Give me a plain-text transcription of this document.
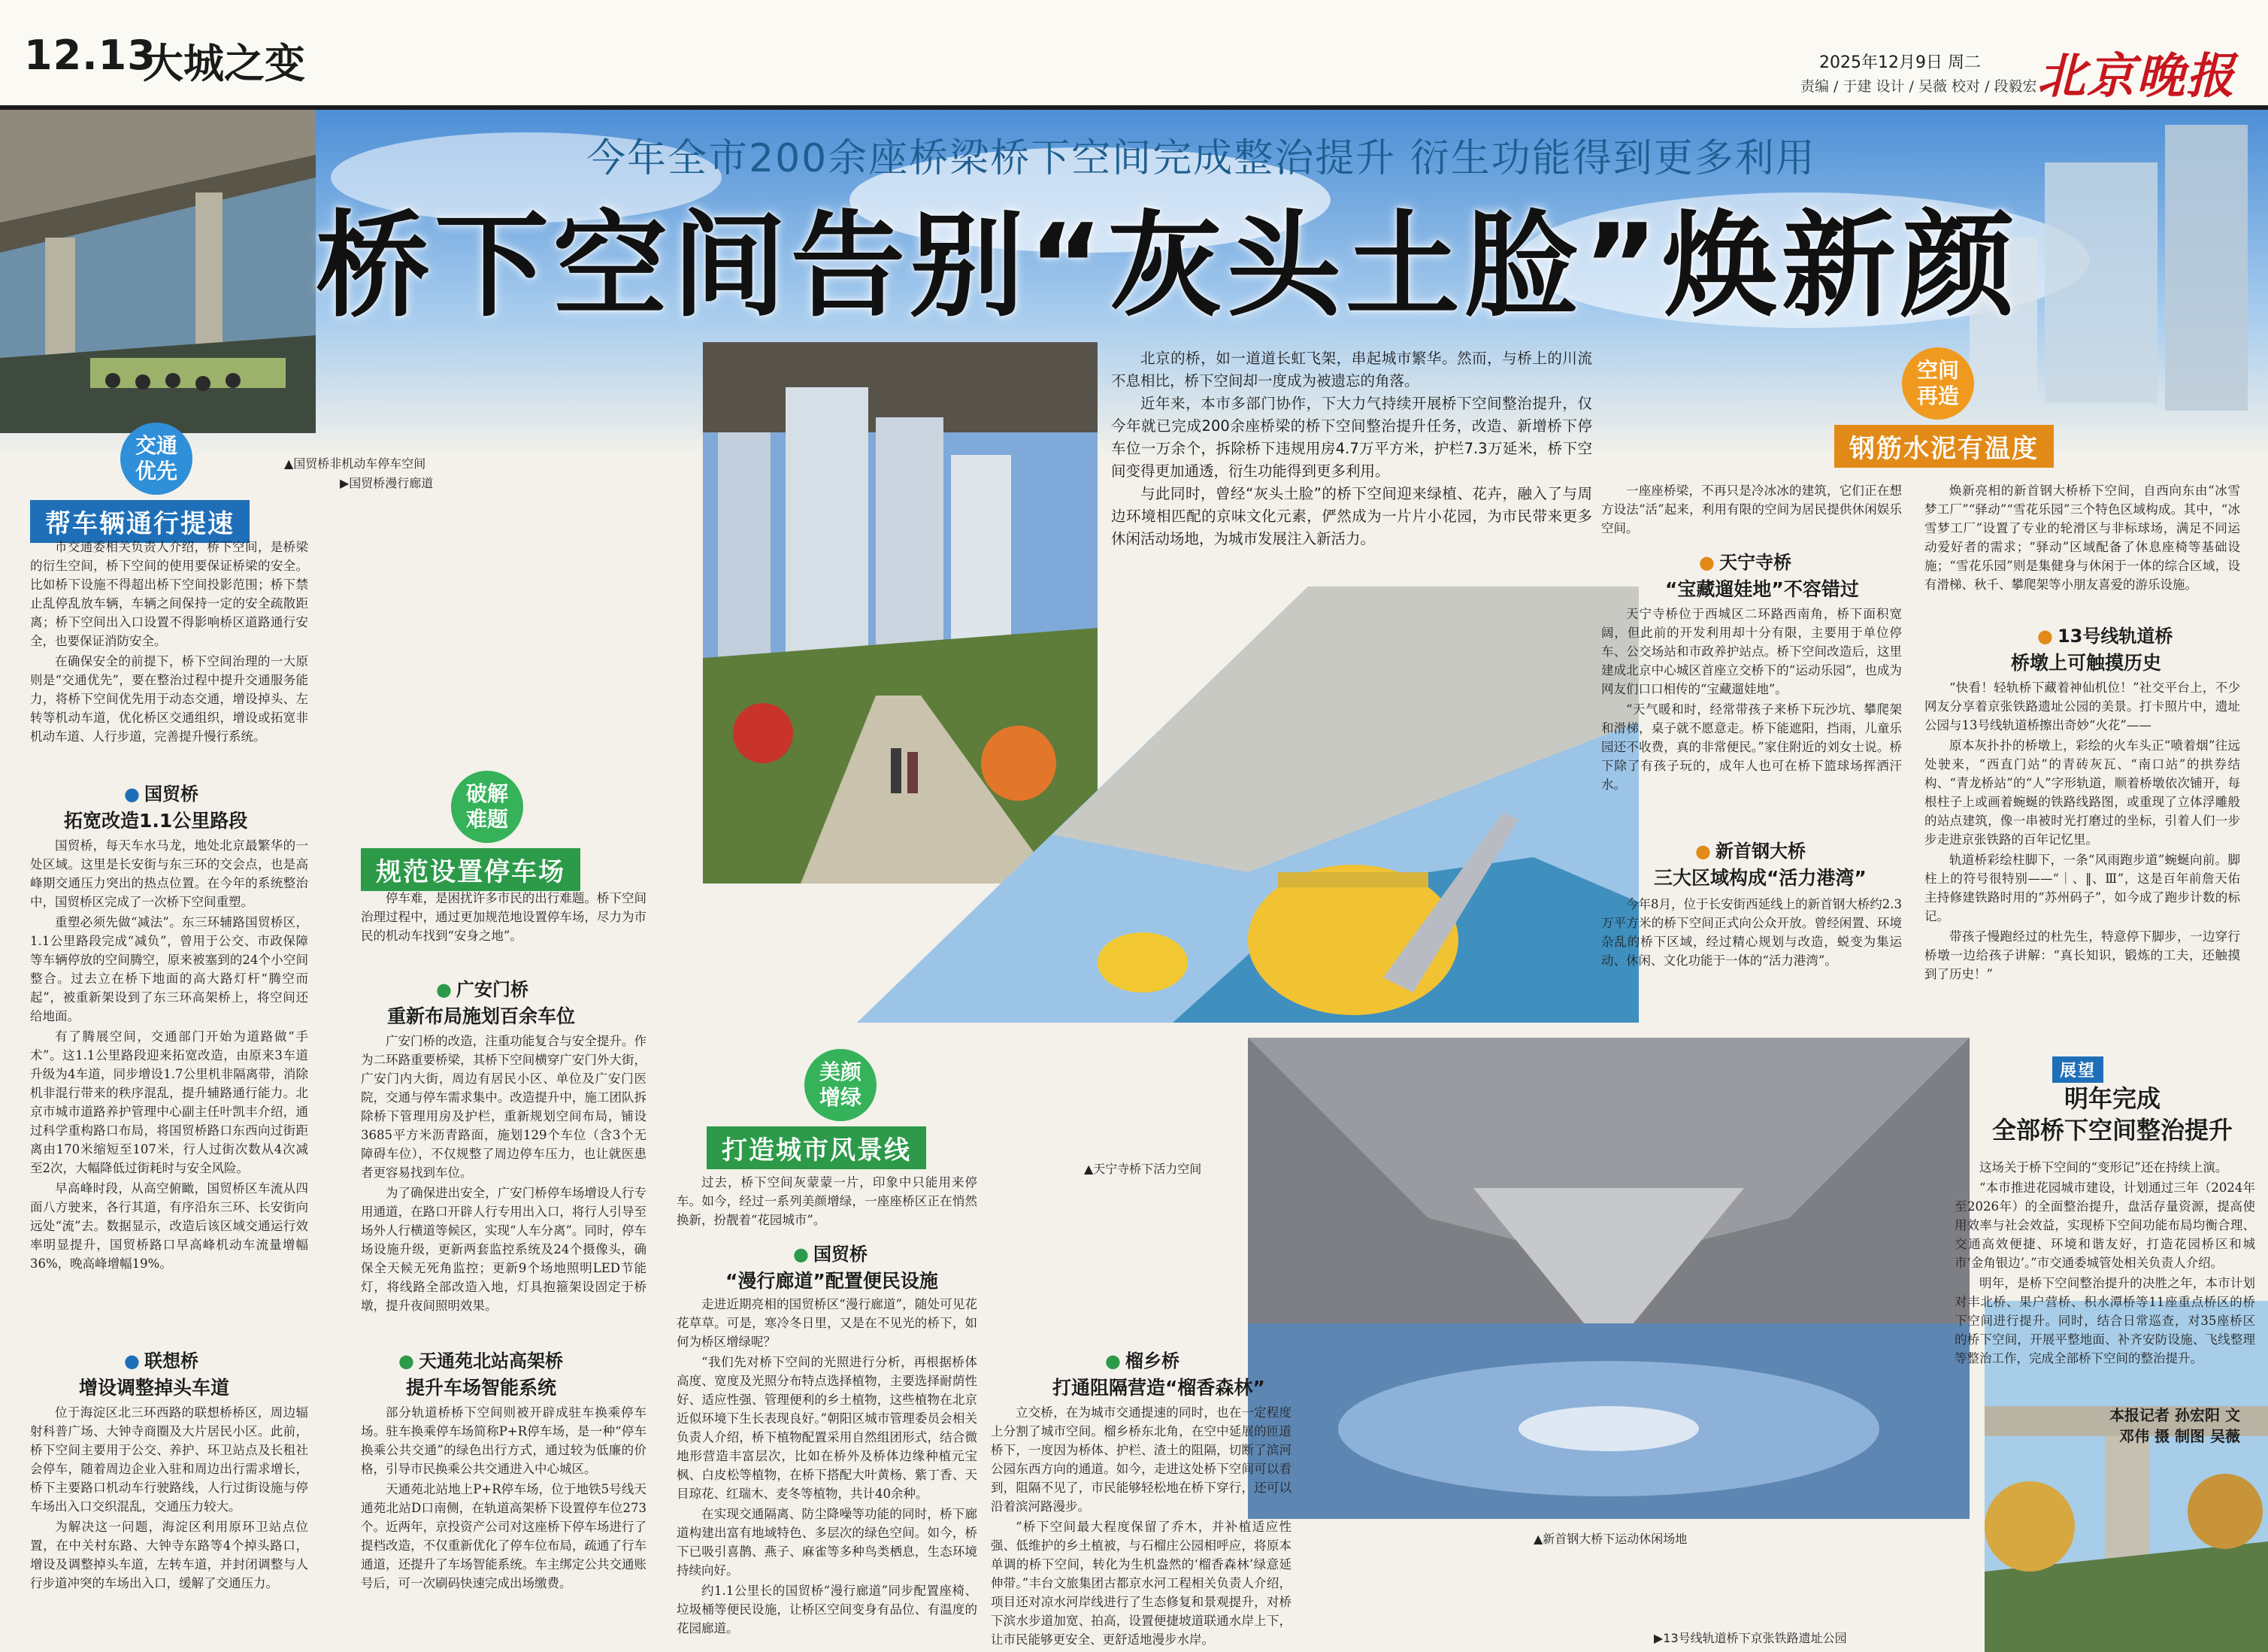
12.13
大城之变	2025年12月9日 周二
责编 / 于建 设计 / 吴薇 校对 / 段毅宏 北京晚报
今年全市200余座桥梁桥下空间完成整治提升 衍生功能得到更多利用
桥下空间告别“灰头土脸”焕新颜
▲国贸桥非机动车停车空间
▶国贸桥漫行廊道
▲天宁寺桥下活力空间
▲新首钢大桥下运动休闲场地
▶13号线轨道桥下京张铁路遗址公园

北京的桥，如一道道长虹飞架，串起城市繁华。然而，与桥上的川流不息相比，桥下空间却一度成为被遗忘的角落。

近年来，本市多部门协作，下大力气持续开展桥下空间整治提升，仅今年就已完成200余座桥梁的桥下空间整治提升任务，改造、新增桥下停车位一万余个，拆除桥下违规用房4.7万平方米，护栏7.3万延米，桥下空间变得更加通透，衍生功能得到更多利用。

与此同时，曾经“灰头土脸”的桥下空间迎来绿植、花卉，融入了与周边环境相匹配的京味文化元素，俨然成为一片片小花园，为市民带来更多休闲活动场地，为城市发展注入新活力。

交通
优先
帮车辆通行提速

市交通委相关负责人介绍，桥下空间，是桥梁的衍生空间，桥下空间的使用要保证桥梁的安全。比如桥下设施不得超出桥下空间投影范围；桥下禁止乱停乱放车辆，车辆之间保持一定的安全疏散距离；桥下空间出入口设置不得影响桥区道路通行安全，也要保证消防安全。

在确保安全的前提下，桥下空间治理的一大原则是“交通优先”，要在整治过程中提升交通服务能力，将桥下空间优先用于动态交通，增设掉头、左转等机动车道，优化桥区交通组织，增设或拓宽非机动车道、人行步道，完善提升慢行系统。

● 国贸桥
拓宽改造1.1公里路段

国贸桥，每天车水马龙，地处北京最繁华的一处区域。这里是长安街与东三环的交会点，也是高峰期交通压力突出的热点位置。在今年的系统整治中，国贸桥区完成了一次桥下空间重塑。

重塑必须先做“减法”。东三环辅路国贸桥区，1.1公里路段完成“减负”，曾用于公交、市政保障等车辆停放的空间腾空，原来被塞到的24个小空间整合。过去立在桥下地面的高大路灯杆“腾空而起”，被重新架设到了东三环高架桥上，将空间还给地面。

有了腾展空间，交通部门开始为道路做“手术”。这1.1公里路段迎来拓宽改造，由原来3车道升级为4车道，同步增设1.7公里机非隔离带，消除机非混行带来的秩序混乱，提升辅路通行能力。北京市城市道路养护管理中心副主任叶凯丰介绍，通过科学重构路口布局，将国贸桥路口东西向过街距离由170米缩短至107米，行人过街次数从4次减至2次，大幅降低过街耗时与安全风险。

早高峰时段，从高空俯瞰，国贸桥区车流从四面八方驶来，各行其道，有序沿东三环、长安街向远处“流”去。数据显示，改造后该区域交通运行效率明显提升，国贸桥路口早高峰机动车流量增幅36%，晚高峰增幅19%。

● 联想桥
增设调整掉头车道

位于海淀区北三环西路的联想桥桥区，周边辐射科普广场、大钟寺商圈及大片居民小区。此前，桥下空间主要用于公交、养护、环卫站点及长租社会停车，随着周边企业入驻和周边出行需求增长，桥下主要路口机动车行驶路线，人行过街设施与停车场出入口交织混乱，交通压力较大。

为解决这一问题，海淀区利用原环卫站点位置，在中关村东路、大钟寺东路等4个掉头路口，增设及调整掉头车道，左转车道，并封闭调整与人行步道冲突的车场出入口，缓解了交通压力。

破解
难题
规范设置停车场

停车难，是困扰许多市民的出行难题。桥下空间治理过程中，通过更加规范地设置停车场，尽力为市民的机动车找到“安身之地”。

● 广安门桥
重新布局施划百余车位

广安门桥的改造，注重功能复合与安全提升。作为二环路重要桥梁，其桥下空间横穿广安门外大街，广安门内大街，周边有居民小区、单位及广安门医院，交通与停车需求集中。改造提升中，施工团队拆除桥下管理用房及护栏，重新规划空间布局，铺设3685平方米沥青路面，施划129个车位（含3个无障碍车位），不仅规整了周边停车压力，也让就医患者更容易找到车位。

为了确保进出安全，广安门桥停车场增设人行专用通道，在路口开辟人行专用出入口，将行人引导至场外人行横道等候区，实现“人车分离”。同时，停车场设施升级，更新两套监控系统及24个摄像头，确保全天候无死角监控；更新9个场地照明LED节能灯，将线路全部改造入地，灯具抱箍架设固定于桥墩，提升夜间照明效果。

● 天通苑北站高架桥
提升车场智能系统

部分轨道桥桥下空间则被开辟成驻车换乘停车场。驻车换乘停车场简称P+R停车场，是一种“停车换乘公共交通”的绿色出行方式，通过较为低廉的价格，引导市民换乘公共交通进入中心城区。

天通苑北站地上P+R停车场，位于地铁5号线天通苑北站D口南侧，在轨道高架桥下设置停车位273个。近两年，京投资产公司对这座桥下停车场进行了提档改造，不仅重新优化了停车位布局，疏通了行车通道，还提升了车场智能系统。车主绑定公共交通账号后，可一次刷码快速完成出场缴费。

美颜
增绿
打造城市风景线

过去，桥下空间灰蒙蒙一片，印象中只能用来停车。如今，经过一系列美颜增绿，一座座桥区正在悄然换新，扮靓着“花园城市”。

● 国贸桥
“漫行廊道”配置便民设施

走进近期亮相的国贸桥区“漫行廊道”，随处可见花花草草。可是，寒冷冬日里，又是在不见光的桥下，如何为桥区增绿呢？

“我们先对桥下空间的光照进行分析，再根据桥体高度、宽度及光照分布特点选择植物，主要选择耐荫性好、适应性强、管理便利的乡土植物，这些植物在北京近似环境下生长表现良好。”朝阳区城市管理委员会相关负责人介绍，桥下植物配置采用自然组团形式，结合微地形营造丰富层次，比如在桥外及桥体边缘种植元宝枫、白皮松等植物，在桥下搭配大叶黄杨、紫丁香、天目琼花、红瑞木、麦冬等植物，共计40余种。

在实现交通隔离、防尘降噪等功能的同时，桥下廊道构建出富有地域特色、多层次的绿色空间。如今，桥下已吸引喜鹊、燕子、麻雀等多种鸟类栖息，生态环境持续向好。

约1.1公里长的国贸桥“漫行廊道”同步配置座椅、垃圾桶等便民设施，让桥区空间变身有品位、有温度的花园廊道。

● 榴乡桥
打通阻隔营造“榴香森林”

立交桥，在为城市交通提速的同时，也在一定程度上分割了城市空间。榴乡桥东北角，在空中延展的匝道桥下，一度因为桥体、护栏、渣土的阻隔，切断了滨河公园东西方向的通道。如今，走进这处桥下空间可以看到，阻隔不见了，市民能够轻松地在桥下穿行，还可以沿着滨河路漫步。

“桥下空间最大程度保留了乔木，并补植适应性强、低维护的乡土植被，与石榴庄公园相呼应，将原本单调的桥下空间，转化为生机盎然的‘榴香森林’绿意延伸带。”丰台文旅集团古都京水河工程相关负责人介绍，项目还对凉水河岸线进行了生态修复和景观提升，对桥下滨水步道加宽、拍高，设置便捷坡道联通水岸上下，让市民能够更安全、更舒适地漫步水岸。

空间
再造
钢筋水泥有温度

一座座桥梁，不再只是冷冰冰的建筑，它们正在想方设法“活”起来，利用有限的空间为居民提供休闲娱乐空间。

● 天宁寺桥
“宝藏遛娃地”不容错过

天宁寺桥位于西城区二环路西南角，桥下面积宽阔，但此前的开发利用却十分有限，主要用于单位停车、公交场站和市政养护站点。桥下空间改造后，这里建成北京中心城区首座立交桥下的“运动乐园”，也成为网友们口口相传的“宝藏遛娃地”。

“天气暖和时，经常带孩子来桥下玩沙坑、攀爬架和滑梯，桌子就不愿意走。桥下能遮阳，挡雨，儿童乐园还不收费，真的非常便民。”家住附近的刘女士说。桥下除了有孩子玩的，成年人也可在桥下篮球场挥洒汗水。

● 新首钢大桥
三大区域构成“活力港湾”

今年8月，位于长安街西延线上的新首钢大桥约2.3万平方米的桥下空间正式向公众开放。曾经闲置、环境杂乱的桥下区域，经过精心规划与改造，蜕变为集运动、休闲、文化功能于一体的“活力港湾”。

焕新亮相的新首钢大桥桥下空间，自西向东由“冰雪梦工厂”“驿动”“雪花乐园”三个特色区域构成。其中，“冰雪梦工厂”设置了专业的轮滑区与非标球场，满足不同运动爱好者的需求；“驿动”区域配备了休息座椅等基础设施；“雪花乐园”则是集健身与休闲于一体的综合区域，设有滑梯、秋千、攀爬架等小朋友喜爱的游乐设施。

● 13号线轨道桥
桥墩上可触摸历史

“快看！轻轨桥下藏着神仙机位！”社交平台上，不少网友分享着京张铁路遗址公园的美景。打卡照片中，遗址公园与13号线轨道桥擦出奇妙“火花”——

原本灰扑扑的桥墩上，彩绘的火车头正“喷着烟”往远处驶来，“西直门站”的青砖灰瓦、“南口站”的拱券结构、“青龙桥站”的“人”字形轨道，顺着桥墩依次铺开，每根柱子上或画着蜿蜒的铁路线路图，或重现了立体浮雕般的站点建筑，像一串被时光打磨过的坐标，引着人们一步步走进京张铁路的百年记忆里。

轨道桥彩绘柱脚下，一条“风雨跑步道”蜿蜒向前。脚柱上的符号很特别——“｜、‖、Ⅲ”，这是百年前詹天佑主持修建铁路时用的“苏州码子”，如今成了跑步计数的标记。

带孩子慢跑经过的杜先生，特意停下脚步，一边穿行桥墩一边给孩子讲解：“真长知识，锻炼的工夫，还触摸到了历史！”

展望
明年完成
全部桥下空间整治提升

这场关于桥下空间的“变形记”还在持续上演。

“本市推进花园城市建设，计划通过三年（2024年至2026年）的全面整治提升，盘活存量资源，提高使用效率与社会效益，实现桥下空间功能布局均衡合理、交通高效便捷、环境和谐友好，打造花园桥区和城市‘金角银边’。”市交通委城管处相关负责人介绍。

明年，是桥下空间整治提升的决胜之年，本市计划对丰北桥、果户营桥、积水潭桥等11座重点桥区的桥下空间进行提升。同时，结合日常巡查，对35座桥区的桥下空间，开展平整地面、补齐安防设施、飞线整理等整治工作，完成全部桥下空间的整治提升。

本报记者 孙宏阳 文
邓伟 摄 制图 吴薇
